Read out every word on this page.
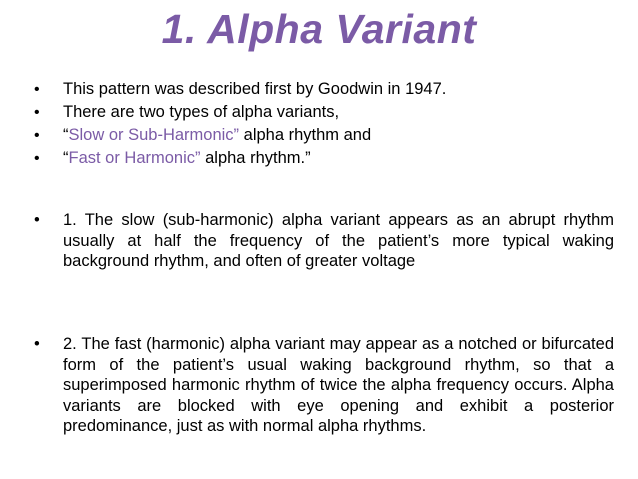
1. Alpha Variant
• This pattern was described first by Goodwin in 1947.
• There are two types of alpha variants,
• “Slow or Sub-Harmonic” alpha rhythm and
• “Fast or Harmonic” alpha rhythm.”
• 1. The slow (sub-harmonic) alpha variant appears as an abrupt rhythm usually at half the frequency of the patient’s more typical waking background rhythm, and often of greater voltage
• 2. The fast (harmonic) alpha variant may appear as a notched or bifurcated form of the patient’s usual waking background rhythm, so that a superimposed harmonic rhythm of twice the alpha frequency occurs. Alpha variants are blocked with eye opening and exhibit a posterior predominance, just as with normal alpha rhythms.
